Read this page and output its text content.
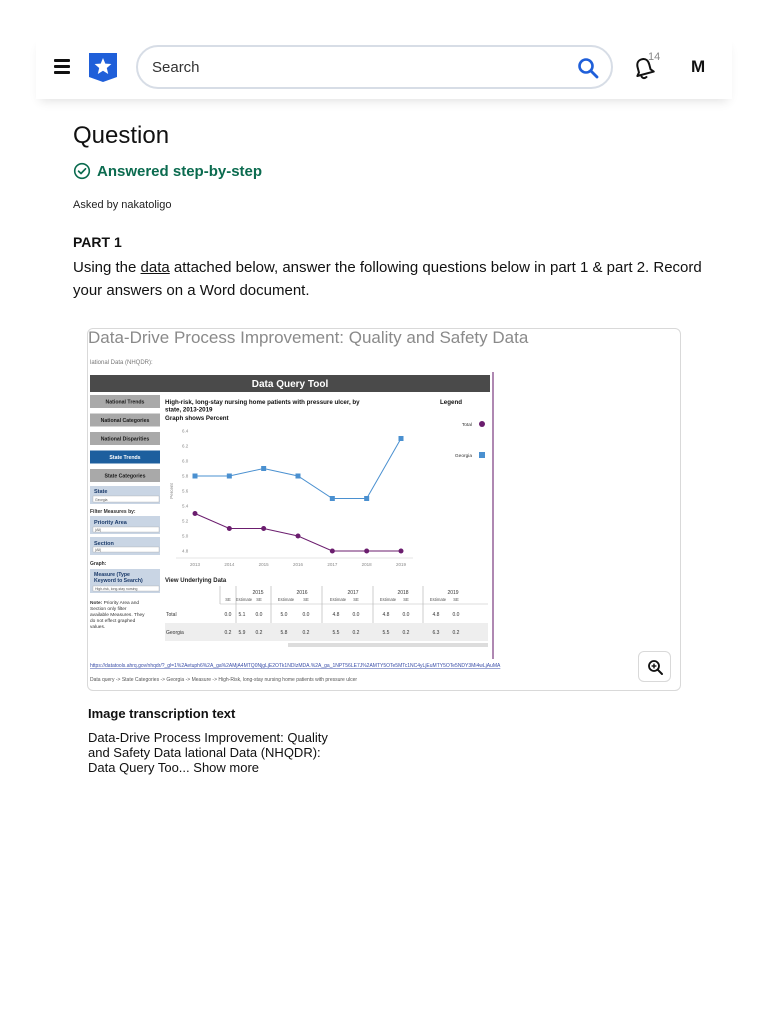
Search
14 M
Question
Answered step-by-step
Asked by nakatoligo
PART 1

Using the data attached below, answer the following questions below in part 1 & part 2. Record your answers on a Word document.

Data-Drive Process Improvement: Quality and Safety Data
lational Data (NHQDR):
Data Query Tool
National Trends
National Categories
National Disparities
State Trends
State Categories
State
Georgia
Filter Measures by:
Priority Area
(All)
Section
(All)
Graph:
Measure (Type Keyword to Search)
High-risk, long-stay nursing
Note: Priority Area and Section only filter available Measures. They do not effect graphed values.
High-risk, long-stay nursing home patients with pressure ulcer, by state, 2013-2019
Graph shows Percent
Percent
4.8
5.0
5.2
5.4
5.6
5.8
6.0
6.2
6.4
2013	2014	2015	2016	2017	2018	2019
Legend
Total
Georgia
View Underlying Data
2015	2016	2017	2018	2019
SE Estimate SE	Estimate SE	Estimate SE	Estimate SE	Estimate SE
Total	0.0 5.1 0.0	5.0	0.0	4.8	0.0	4.8	0.0	4.8	0.0
Georgia	0.2 5.9 0.2	5.8	0.2	5.5	0.2	5.5	0.2	6.3	0.2
https://datatools.ahrq.gov/nhqdr/?_gl=1%2Aetuph6%2A_ga%2AMjA4MTQ0NjgLjE2OTk1NDIzMDA.%2A_ga_1NPT56LE7J%2AMTY5OTe5MTc1NC4yLjEuMTY5OTe5NDY3Mi4wLjAuMA
Data query -> State Categories -> Georgia -> Measure -> High-Risk, long-stay nursing home patients with pressure ulcer
Image transcription text
Data-Drive Process Improvement: Quality and Safety Data lational Data (NHQDR): Data Query Too... Show more
